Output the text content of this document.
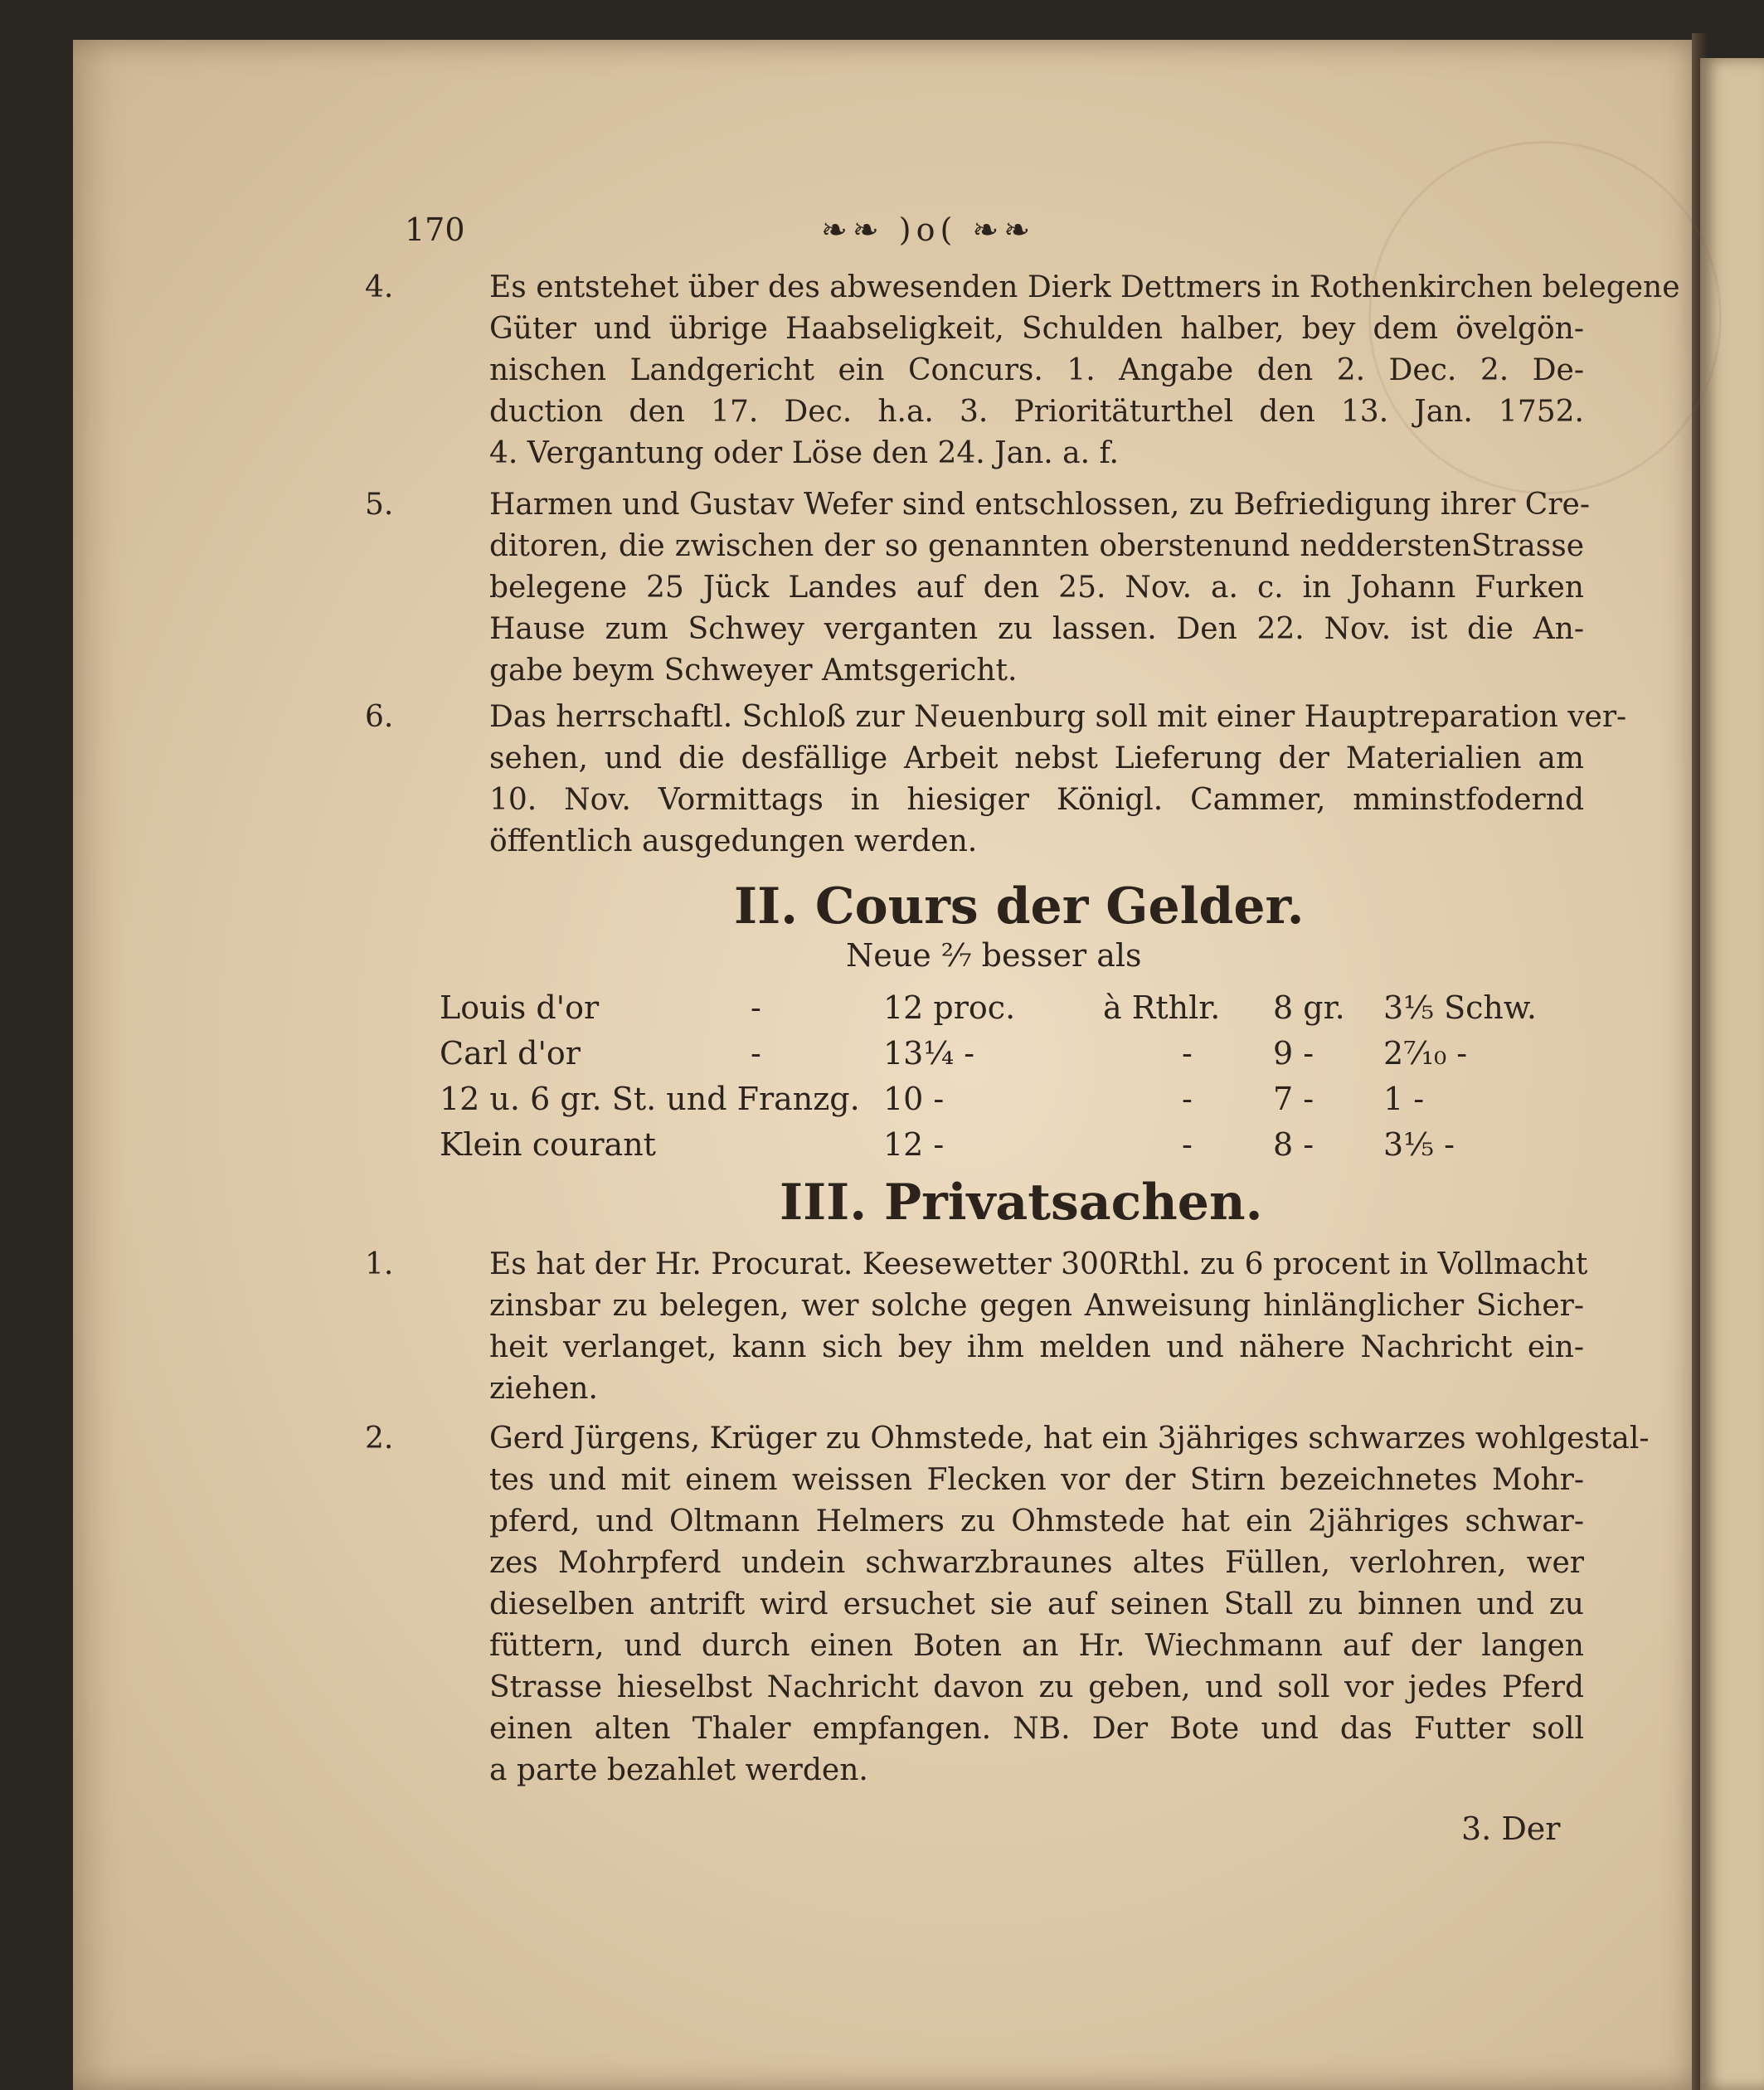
170	❧❧ )o( ❧❧
4.	Es entstehet über des abwesenden Dierk Dettmers in Rothenkirchen belegene
Güter und übrige Haabseligkeit, Schulden halber, bey dem övelgön-
nischen Landgericht ein Concurs. 1. Angabe den 2. Dec. 2. De-
duction den 17. Dec. h.a. 3. Prioritäturthel den 13. Jan. 1752.
4. Vergantung oder Löse den 24. Jan. a. f.
5.	Harmen und Gustav Wefer sind entschlossen, zu Befriedigung ihrer Cre-
ditoren, die zwischen der so genannten oberstenund nedderstenStrasse
belegene 25 Jück Landes auf den 25. Nov. a. c. in Johann Furken
Hause zum Schwey verganten zu lassen. Den 22. Nov. ist die An-
gabe beym Schweyer Amtsgericht.
6.	Das herrschaftl. Schloß zur Neuenburg soll mit einer Hauptreparation ver-
sehen, und die desfällige Arbeit nebst Lieferung der Materialien am
10. Nov. Vormittags in hiesiger Königl. Cammer, mminstfodernd
öffentlich ausgedungen werden.
II. Cours der Gelder.
Neue ²⁄₇ besser als
Louis d'or	-	12 proc.	à Rthlr. 8 gr. 3¹⁄₅ Schw.
Carl d'or	-	13¼ -	-	9 - 2⁷⁄₁₀ -
12 u. 6 gr. St. und Franzg. 10 -	-	7 - 1 -
Klein courant	12 -	-	8 - 3¹⁄₅ -
III. Privatsachen.
1.	Es hat der Hr. Procurat. Keesewetter 300Rthl. zu 6 procent in Vollmacht
zinsbar zu belegen, wer solche gegen Anweisung hinlänglicher Sicher-
heit verlanget, kann sich bey ihm melden und nähere Nachricht ein-
ziehen.
2.	Gerd Jürgens, Krüger zu Ohmstede, hat ein 3jähriges schwarzes wohlgestal-
tes und mit einem weissen Flecken vor der Stirn bezeichnetes Mohr-
pferd, und Oltmann Helmers zu Ohmstede hat ein 2jähriges schwar-
zes Mohrpferd undein schwarzbraunes altes Füllen, verlohren, wer
dieselben antrift wird ersuchet sie auf seinen Stall zu binnen und zu
füttern, und durch einen Boten an Hr. Wiechmann auf der langen
Strasse hieselbst Nachricht davon zu geben, und soll vor jedes Pferd
einen alten Thaler empfangen. NB. Der Bote und das Futter soll
a parte bezahlet werden.
3. Der
